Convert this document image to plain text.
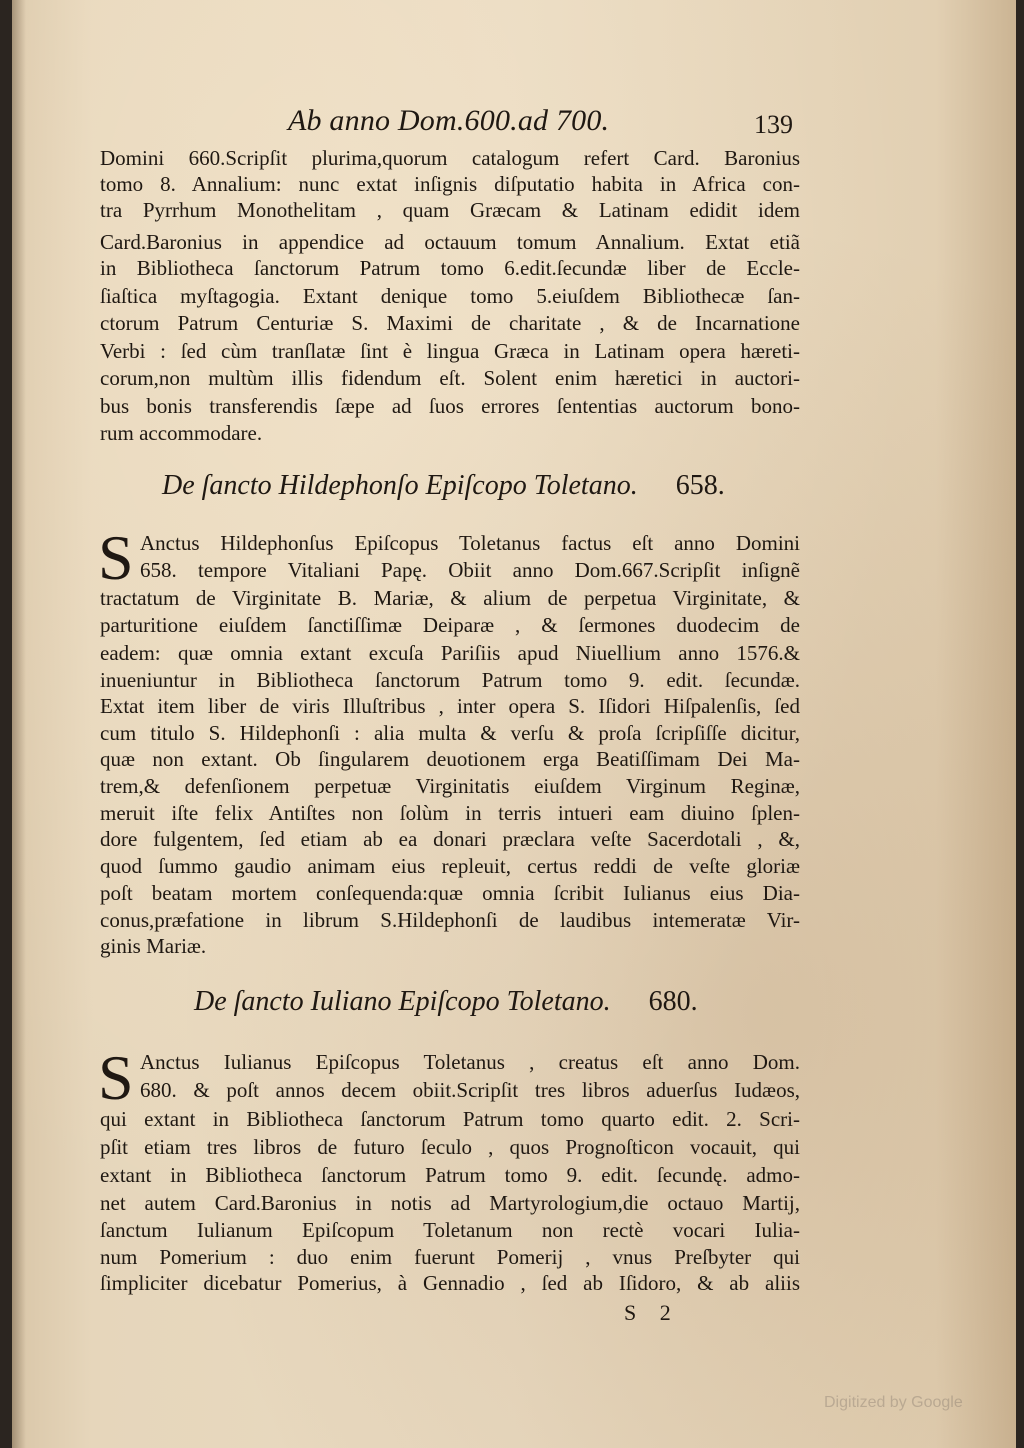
Ab anno Dom.600.ad 700.	139
Domini 660.Scripſit plurima,quorum catalogum refert Card. Baronius
tomo 8. Annalium: nunc extat inſignis diſputatio habita in Africa con-
tra Pyrrhum Monothelitam , quam Græcam & Latinam edidit idem
Card.Baronius in appendice ad octauum tomum Annalium. Extat etiã
in Bibliotheca ſanctorum Patrum tomo 6.edit.ſecundæ liber de Eccle-
ſiaſtica myſtagogia. Extant denique tomo 5.eiuſdem Bibliothecæ ſan-
ctorum Patrum Centuriæ S. Maximi de charitate , & de Incarnatione
Verbi : ſed cùm tranſlatæ ſint è lingua Græca in Latinam opera hæreti-
corum,non multùm illis fidendum eſt. Solent enim hæretici in auctori-
bus bonis transferendis ſæpe ad ſuos errores ſententias auctorum bono-
rum accommodare.
De ſancto Hildephonſo Epiſcopo Toletano. 658.
S Anctus Hildephonſus Epiſcopus Toletanus factus eſt anno Domini
658. tempore Vitaliani Papę. Obiit anno Dom.667.Scripſit inſignẽ
tractatum de Virginitate B. Mariæ, & alium de perpetua Virginitate, &
parturitione eiuſdem ſanctiſſimæ Deiparæ , & ſermones duodecim de
eadem: quæ omnia extant excuſa Pariſiis apud Niuellium anno 1576.&
inueniuntur in Bibliotheca ſanctorum Patrum tomo 9. edit. ſecundæ.
Extat item liber de viris Illuſtribus , inter opera S. Iſidori Hiſpalenſis, ſed
cum titulo S. Hildephonſi : alia multa & verſu & proſa ſcripſiſſe dicitur,
quæ non extant. Ob ſingularem deuotionem erga Beatiſſimam Dei Ma-
trem,& defenſionem perpetuæ Virginitatis eiuſdem Virginum Reginæ,
meruit iſte felix Antiſtes non ſolùm in terris intueri eam diuino ſplen-
dore fulgentem, ſed etiam ab ea donari præclara veſte Sacerdotali , &,
quod ſummo gaudio animam eius repleuit, certus reddi de veſte gloriæ
poſt beatam mortem conſequenda:quæ omnia ſcribit Iulianus eius Dia-
conus,præfatione in librum S.Hildephonſi de laudibus intemeratæ Vir-
ginis Mariæ.
De ſancto Iuliano Epiſcopo Toletano. 680.
S Anctus Iulianus Epiſcopus Toletanus , creatus eſt anno Dom.
680. & poſt annos decem obiit.Scripſit tres libros aduerſus Iudæos,
qui extant in Bibliotheca ſanctorum Patrum tomo quarto edit. 2. Scri-
pſit etiam tres libros de futuro ſeculo , quos Prognoſticon vocauit, qui
extant in Bibliotheca ſanctorum Patrum tomo 9. edit. ſecundę. admo-
net autem Card.Baronius in notis ad Martyrologium,die octauo Martij,
ſanctum Iulianum Epiſcopum Toletanum non rectè vocari Iulia-
num Pomerium : duo enim fuerunt Pomerij , vnus Preſbyter qui
ſimpliciter dicebatur Pomerius, à Gennadio , ſed ab Iſidoro, & ab aliis
S 2
Digitized by Google
